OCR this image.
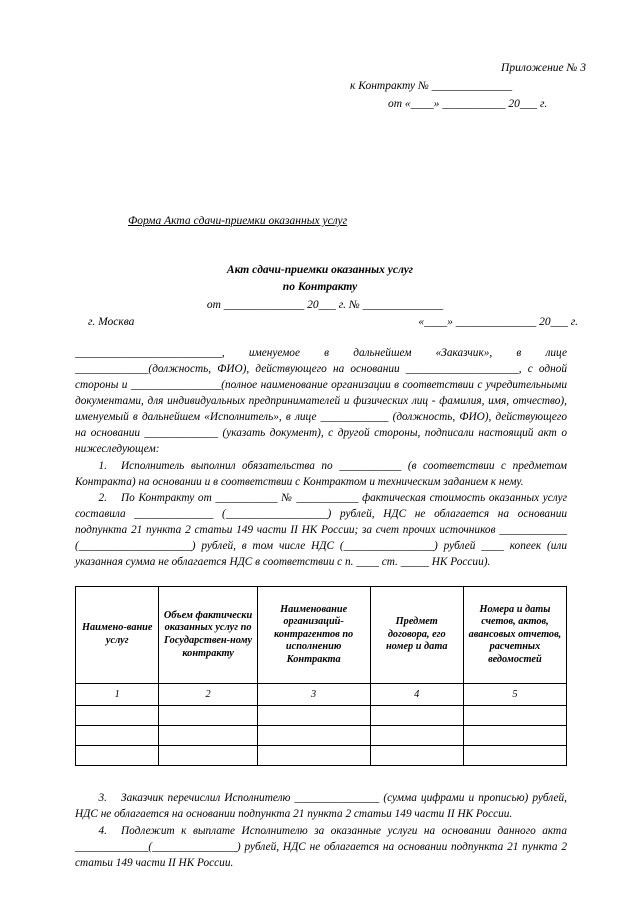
Приложение № 3
к Контракту № ______________
от «____» ___________ 20___ г.
Форма Акта сдачи-приемки оказанных услуг
Акт сдачи-приемки оказанных услуг
по Контракту
от ______________ 20___ г. № ______________
г. Москва	«____» ______________ 20___ г.

__________________________, именуемое в дальнейшем «Заказчик», в лице _____________(должность, ФИО), действующего на основании ____________________, с одной стороны и ________________(полное наименование организации в соответствии с учредительными документами, для индивидуальных предпринимателей и физических лиц - фамилия, имя, отчество), именуемый в дальнейшем «Исполнитель», в лице ____________ (должность, ФИО), действующего на основании _____________ (указать документ), с другой стороны, подписали настоящий акт о нижеследующем:

1. Исполнитель выполнил обязательства по ___________ (в соответствии с предметом Контракта) на основании и в соответствии с Контрактом и техническим заданием к нему.

2. По Контракту от ___________ № ___________ фактическая стоимость оказанных услуг составила ______________ (__________________) рублей, НДС не облагается на основании подпункта 21 пункта 2 статьи 149 части II НК России; за счет прочих источников ____________ (____________________) рублей, в том числе НДС (________________) рублей ____ копеек (или указанная сумма не облагается НДС в соответствии с п. ____ ст. _____ НК России).

Наимено-вание услуг	Объем фактически оказанных услуг по Государствен-ному контракту	Наименование организаций-контрагентов по исполнению Контракта	Предмет договора, его номер и дата	Номера и даты счетов, актов, авансовых отчетов, расчетных ведомостей
1	2	3	4	5

3. Заказчик перечислил Исполнителю _______________ (сумма цифрами и прописью) рублей, НДС не облагается на основании подпункта 21 пункта 2 статьи 149 части II НК России.

4. Подлежит к выплате Исполнителю за оказанные услуги на основании данного акта _____________(_______________) рублей, НДС не облагается на основании подпункта 21 пункта 2 статьи 149 части II НК России.
